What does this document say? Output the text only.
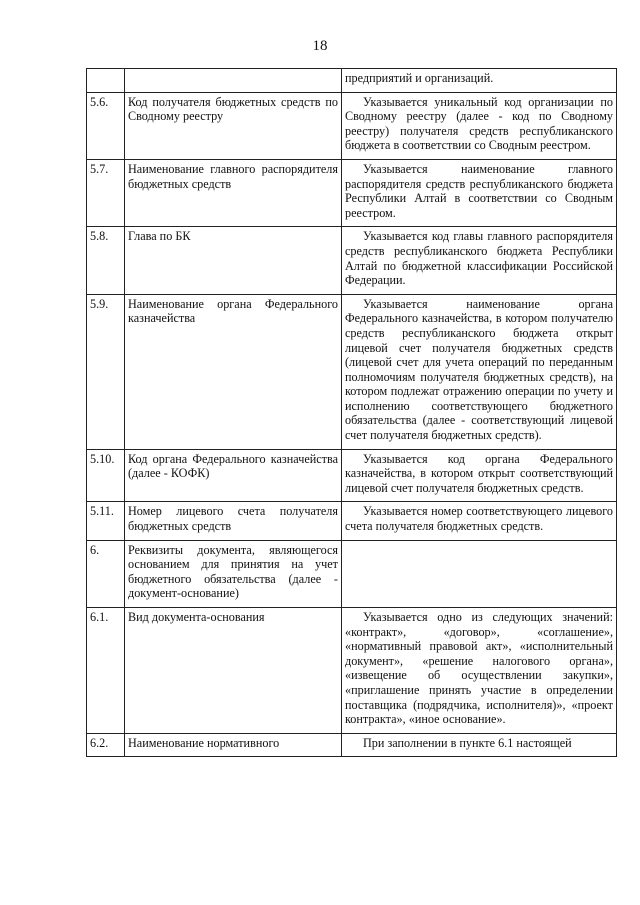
18
		предприятий и организаций.
5.6.	Код получателя бюджетных средств по Сводному реестру	Указывается уникальный код организации по Сводному реестру (далее - код по Сводному реестру) получателя средств республиканского бюджета в соответствии со Сводным реестром.
5.7.	Наименование главного распорядителя бюджетных средств	Указывается наименование главного распорядителя средств республиканского бюджета Республики Алтай в соответствии со Сводным реестром.
5.8.	Глава по БК	Указывается код главы главного распорядителя средств республиканского бюджета Республики Алтай по бюджетной классификации Российской Федерации.
5.9.	Наименование органа Федерального казначейства	Указывается наименование органа Федерального казначейства, в котором получателю средств республиканского бюджета открыт лицевой счет получателя бюджетных средств (лицевой счет для учета операций по переданным полномочиям получателя бюджетных средств), на котором подлежат отражению операции по учету и исполнению соответствующего бюджетного обязательства (далее - соответствующий лицевой счет получателя бюджетных средств).
5.10.	Код органа Федерального казначейства (далее - КОФК)	Указывается код органа Федерального казначейства, в котором открыт соответствующий лицевой счет получателя бюджетных средств.
5.11.	Номер лицевого счета получателя бюджетных средств	Указывается номер соответствующего лицевого счета получателя бюджетных средств.
6.	Реквизиты документа, являющегося основанием для принятия на учет бюджетного обязательства (далее - документ-основание)	
6.1.	Вид документа-основания	Указывается одно из следующих значений: «контракт», «договор», «соглашение», «нормативный правовой акт», «исполнительный документ», «решение налогового органа», «извещение об осуществлении закупки», «приглашение принять участие в определении поставщика (подрядчика, исполнителя)», «проект контракта», «иное основание».
6.2.	Наименование нормативного	При заполнении в пункте 6.1 настоящей
